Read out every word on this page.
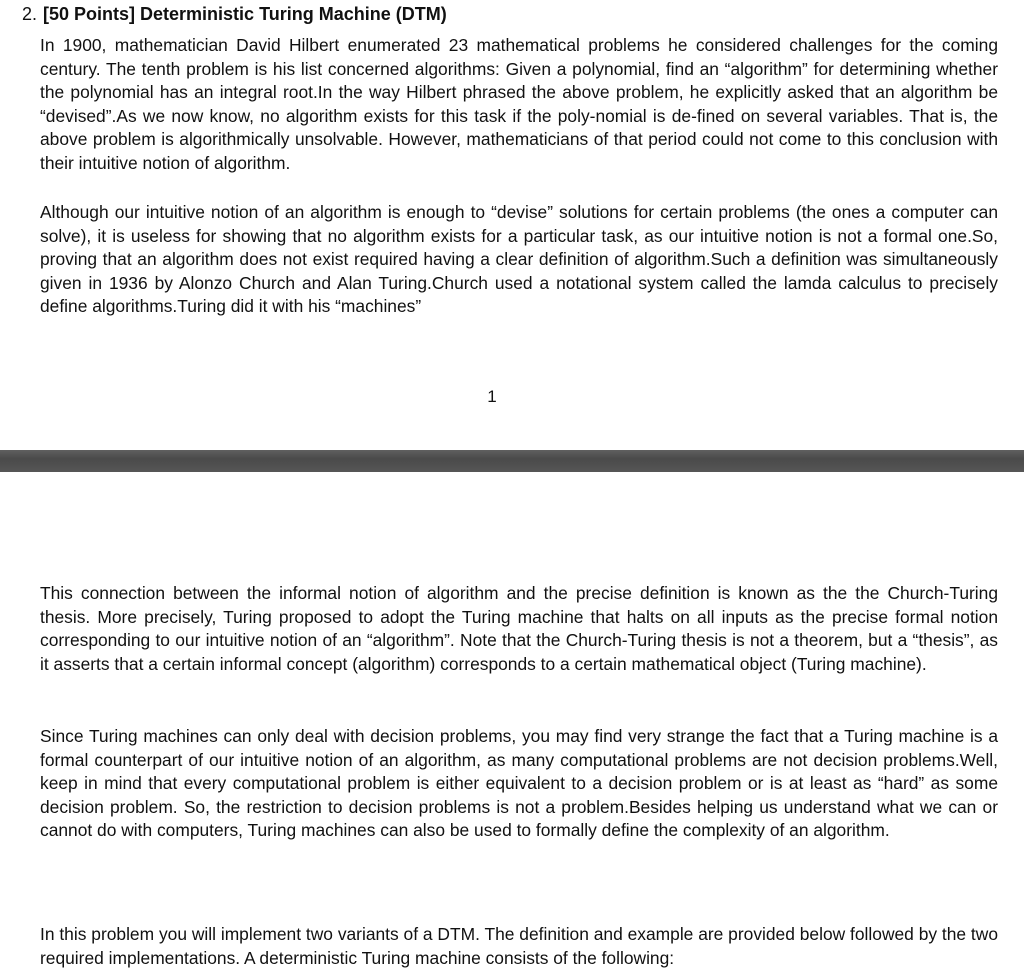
2. [50 Points] Deterministic Turing Machine (DTM)

In 1900, mathematician David Hilbert enumerated 23 mathematical problems he considered challenges for the coming century. The tenth problem is his list concerned algorithms: Given a polynomial, find an “algorithm” for determining whether the polynomial has an integral root.In the way Hilbert phrased the above problem, he explicitly asked that an algorithm be “devised”.As we now know, no algorithm exists for this task if the poly-nomial is de-fined on several variables. That is, the above problem is algorithmically unsolvable. However, mathematicians of that period could not come to this conclusion with their intuitive notion of algorithm.

Although our intuitive notion of an algorithm is enough to “devise” solutions for certain problems (the ones a computer can solve), it is useless for showing that no algorithm exists for a particular task, as our intuitive notion is not a formal one.So, proving that an algorithm does not exist required having a clear definition of algorithm.Such a definition was simultaneously given in 1936 by Alonzo Church and Alan Turing.Church used a notational system called the lamda calculus to precisely define algorithms.Turing did it with his “machines”

1

This connection between the informal notion of algorithm and the precise definition is known as the the Church-Turing thesis. More precisely, Turing proposed to adopt the Turing machine that halts on all inputs as the precise formal notion corresponding to our intuitive notion of an “algorithm”. Note that the Church-Turing thesis is not a theorem, but a “thesis”, as it asserts that a certain informal concept (algorithm) corresponds to a certain mathematical object (Turing machine).

Since Turing machines can only deal with decision problems, you may find very strange the fact that a Turing machine is a formal counterpart of our intuitive notion of an algorithm, as many computational problems are not decision problems.Well, keep in mind that every computational problem is either equivalent to a decision problem or is at least as “hard” as some decision problem. So, the restriction to decision problems is not a problem.Besides helping us understand what we can or cannot do with computers, Turing machines can also be used to formally define the complexity of an algorithm.

In this problem you will implement two variants of a DTM. The definition and example are provided below followed by the two required implementations. A deterministic Turing machine consists of the following:
